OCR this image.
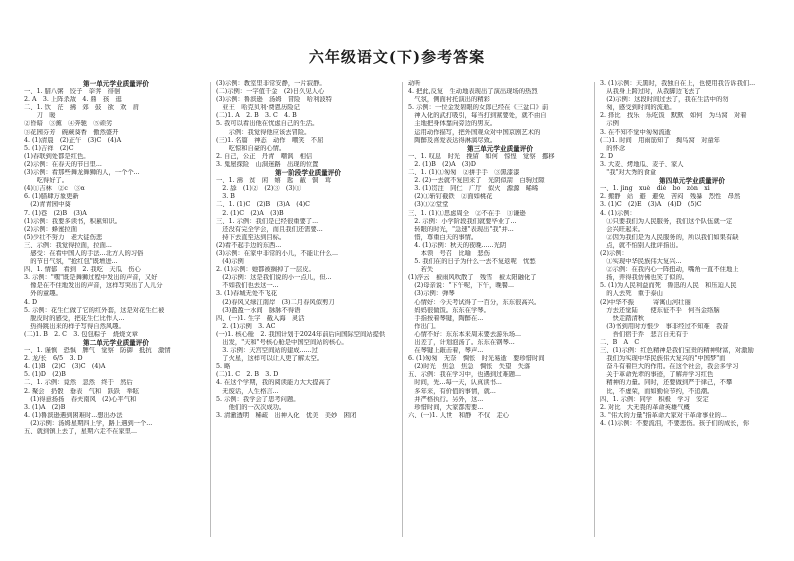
六年级语文(下)参考答案

第一单元学业质量评价

一、1. 腊八粥　饺子　荸荠　徘徊

2. A　3. 上阵杀敌　4. 鼎　孩　逛

二、1. 饮　茫　拂　郊　鼓　欲　欢　肩

　　刀　暖

②昏暗　③薰　④奔驰　⑤顽劣

③花园芬芳　碗蕨葵香　傲然盛开

4. (1)清晨　(2)正午　(3)C　(4)A

5. (1)吉祥　(2)C

(1)春联到处都是红色。

(2)示例：在春天的节日里...

(3)示例：看那些舞龙舞狮的人，一个个...

　　吃得好了。

(4)①吉林　②c　③α

6. (1)腊肆万象更新

　(2)青青园中葵

7. (1)巷　(2)B　(3)A

(1)示例：我要多读书，积累知识。

(2)示例：蜂蜜拉面

(5)少壮不努力　老大徒伤悲

三、示例：我觉得拉面，拉面...

　感受：在看中国人的手法...北方人的习俗

　的节日气氛，"抢红包"既增进...

四、1. 情郁　看到　2. 我吃　天瓜　伤心

3. 示例："嘿"既是舞狮过程中发出的声音，又好

　像是在不住地发出的声音，这样写突出了人儿分

　外的童趣。

4. D

5. 示例：花生仁做了它的红外套，这是对花生仁被

　脱皮时的感受，把花生仁比作人...

　热得跳出来的样子写得自然风趣。

(二)1. B　2. C　3. 包包粽子　烧烧文章

第二单元学业质量评价

一、1. 谨慎　恐惧　脾气　觉察　防御　抵抗　激情

2. 龙/长　6/5　3. D

4. (1)B　(2)C　(3)C　(4)A

5. (1)D　(2)B

二、1. 示例：竟然　忽然　终于　然后

2. 聚会　扔骰　垂表　气和　跃跃　举眩

　(1)得意扬扬　春夫南风　(2)心平气和

3. (1)A　(2)B

4. (1)鲁滨逊遇到困难时...想出办法

　(2)示例：汤姆星期四上学，路上遇到一个...

五、就到镇上去了，星期六走不在家里...

(3)示例：教室里非常安静，一片寂静。

(二)示例：一字值千金　(2)日久见人心

(3)示例：鲁滨逊　汤姆　冒险　哈利波特

　亚王　哈克贝利·费恩历险记

(二)1. A　2. B　3. C　4. B

5. 我可以看出他在忧虑自己的生活。

　　示例：我觉得他应该去冒险。

(三)1. 名篇　神态　动作　嘲笑　不屈

　　吃惊和自豪的心情。

2. 自己，公正　丹青　嘲讽　相信

3. 鬼屋探险　山洞迷路　出现的位置

第一阶段学业质量评价

一、1. 沸　贫　闲　嬉　匙　蔽　铜　茸

　2. 舔　(1)②　(2)③　(3)①

　3. B

二、1. (1)C　(2)B　(3)A　(4)C

　2. (1)C　(2)A　(3)B

三、1. 示例：我们是已经很重要了...

　还没有完全学会，而且我们还需要...

　持下去直至达到目标。

(2)看不起手边的东西...

(3)示例：在家中非常的小儿，不能让什么...

　(4)示例

2. (1)示例：她都被搁掉了一层皮。

　(2)示例：这是我们说的小一点儿，但...

　不如我们也去这一...

3. (1)春城无处不飞花

　(2)春风又绿江南岸　(3)二月春风似剪刀

　(3)盈盈一水间　脉脉不得语

四、(一)1. 生字　截入海　灵活

　2. (1)示例　3. AC

(一)1. 核心舱　2. 我国计划于2024年前后向国际空间站提供

　出发，"天和"号核心舱是中国空间站的核心。

　3. 示例：天宫空间站的建成......过

　了火星，这样可以让人更了解太空。

5. 略

(二)1. C　2. B　3. D

4. 在这个学期，我的阅读能力大大提高了

　无废话，人生格言...

5. 示例：我学会了思考问题。

　　他们的一次次成功。

3. 清澈透明　稀疏　出神入化　优美　美妙　困闭

动听

4. 把此,反复　生动地表现出了演出现场的热烈

　气氛，侧面衬托演出的精彩

5. 示例：一位金发碧眼的女郎已经在《三盆口》前

　神入化的武打吸引，每当打到紧要处，就不由自

　主地把身体靠向旁边的男友。

　运用动作描写，把外国观众对中国京剧艺术的

　陶醉及喜爱表达得淋漓尽致。

第三单元学业质量评价

一、1. 叹息　时光　挽留　如何　惊惶　觉察　挪移

　2. (1)B　(2)A　(3)D

二、1. (1)①匆匆　②拼手手　③黑漆漆

　2. (2)一去就不复回来了　光阴似箭　白驹过隙

　3. (1)贯注　同仁　广厅　似火　源源　晞晞

　(2)①斩钉截铁　②面如桃花

　(3)①②堂堂

三、1. (1)①思虑周全　②不在手　③谦逊

　2. 示例：小学阶段我们就要毕业了...

　转眼的时光，"急速"表现出"我"并...

　惜，尊重白天的事情。

　4. (1)示例：秋天的夜晚......光阴

　　本领　号召　比喻　悲伤

　5. 我们在的日子为什么一去不复返呢　忧愁

　　若失

(1)浮云　被雨风吹散了　残雪　被太阳融化了

　(2)母亲说："下午呢，下午，晚餐...

　(3)示例：弹琴

　心情好：今天考试得了一百分，东东很高兴。

　妈妈很做饭。东东在学琴。

　手指按着琴键，陶醉在...

　作出门。

　心情不好：东东本来周末要去游乐场...

　出差了，计划泡汤了。东东在钢琴...

　在琴键上敲击着，琴声...

6. (1)匆匆　无奈　惆怅　时光易逝　要珍惜时间

　(2)时光　焦急　焦急　惆怅　失望　失落

五、示例：我在学习中，也遇到过难题...

　时间，先...每一天，认真读书...

　多年来，有价值的事情，就...

　并严格执行。另外，这...

　珍惜时间，大家都需要...

六、(一)1. 人世　和静　不仅　走心

3. (1)示例：天黑时，我独自在上，也使用我告诉我们...

　从我身上跨过时，从我脚边飞去了

　(2)示例：这段时间过去了，我在生活中的勿

　匆，感受到时间的流逝。

2. 择比　找乐　乐吃饭　默默　如何　为马窝　对着

　示例

3. 在不知不觉中匆匆流逝

(二)1. 时间　用雨筋知了　掏鸟窝　对童年

　的怀念

2. D

3. 大麦、烤地瓜、麦子、家人

　"我"对大秀的食盒

第四单元学业质量评价

一、1. jìng　xuè　dié　bo　zòn　xì

2. 搬静　站　避　避免　苦闷　残暴　烈性　昂然

3. (1)C　(2)E　(3)A　(4)D　(5)C

4. (1)示例：

　①只要我们为人民服务，我们这个队伍就一定

　会兴旺起来。

　②因为我们是为人民服务的，所以我们如果有缺

　点，就不怕别人批评指出。

(2)示例：

　①实现中华民族伟大复兴...

　②示例：在我内心一阵扭动，嘴角一直不住地上

　扬，弄得我仿佛也笑了似的。

5. (1)为人民利益而死　鲁迅的人民　和压迫人民

　的人去死　重于泰山

(2)中华不振　　　寄寓山河壮丽

　方去还觉陆　　使东征不乎　何当金络脑

　　快走踏清秋

　(3)书到用时方恨少　事非经过不知难　我昔

　　吾们宿于乔　悲言自无有于

二、B　A　C

三、(1)示例：红色精神是我们宝贵的精神财富，对激励

　我们为实现中华民族伟大复兴的"中国梦"而

　奋斗有着巨大的作用。在这个社会，我会多学习

　关于革命先辈的事迹，了解并学习红色

　精神的力量。同时，还要做到严于律己，不攀

　比，不虚荣，而如勤俭节约，不追潮。

四、1. 示例：同学　积极　学习　安定

2. 对比　大无畏的革命英雄气概

3. "伟大的力量"指革命大家对干革命事业的...

4. (1)示例：不要流泪，不要悲伤。孩子们的成长，你
